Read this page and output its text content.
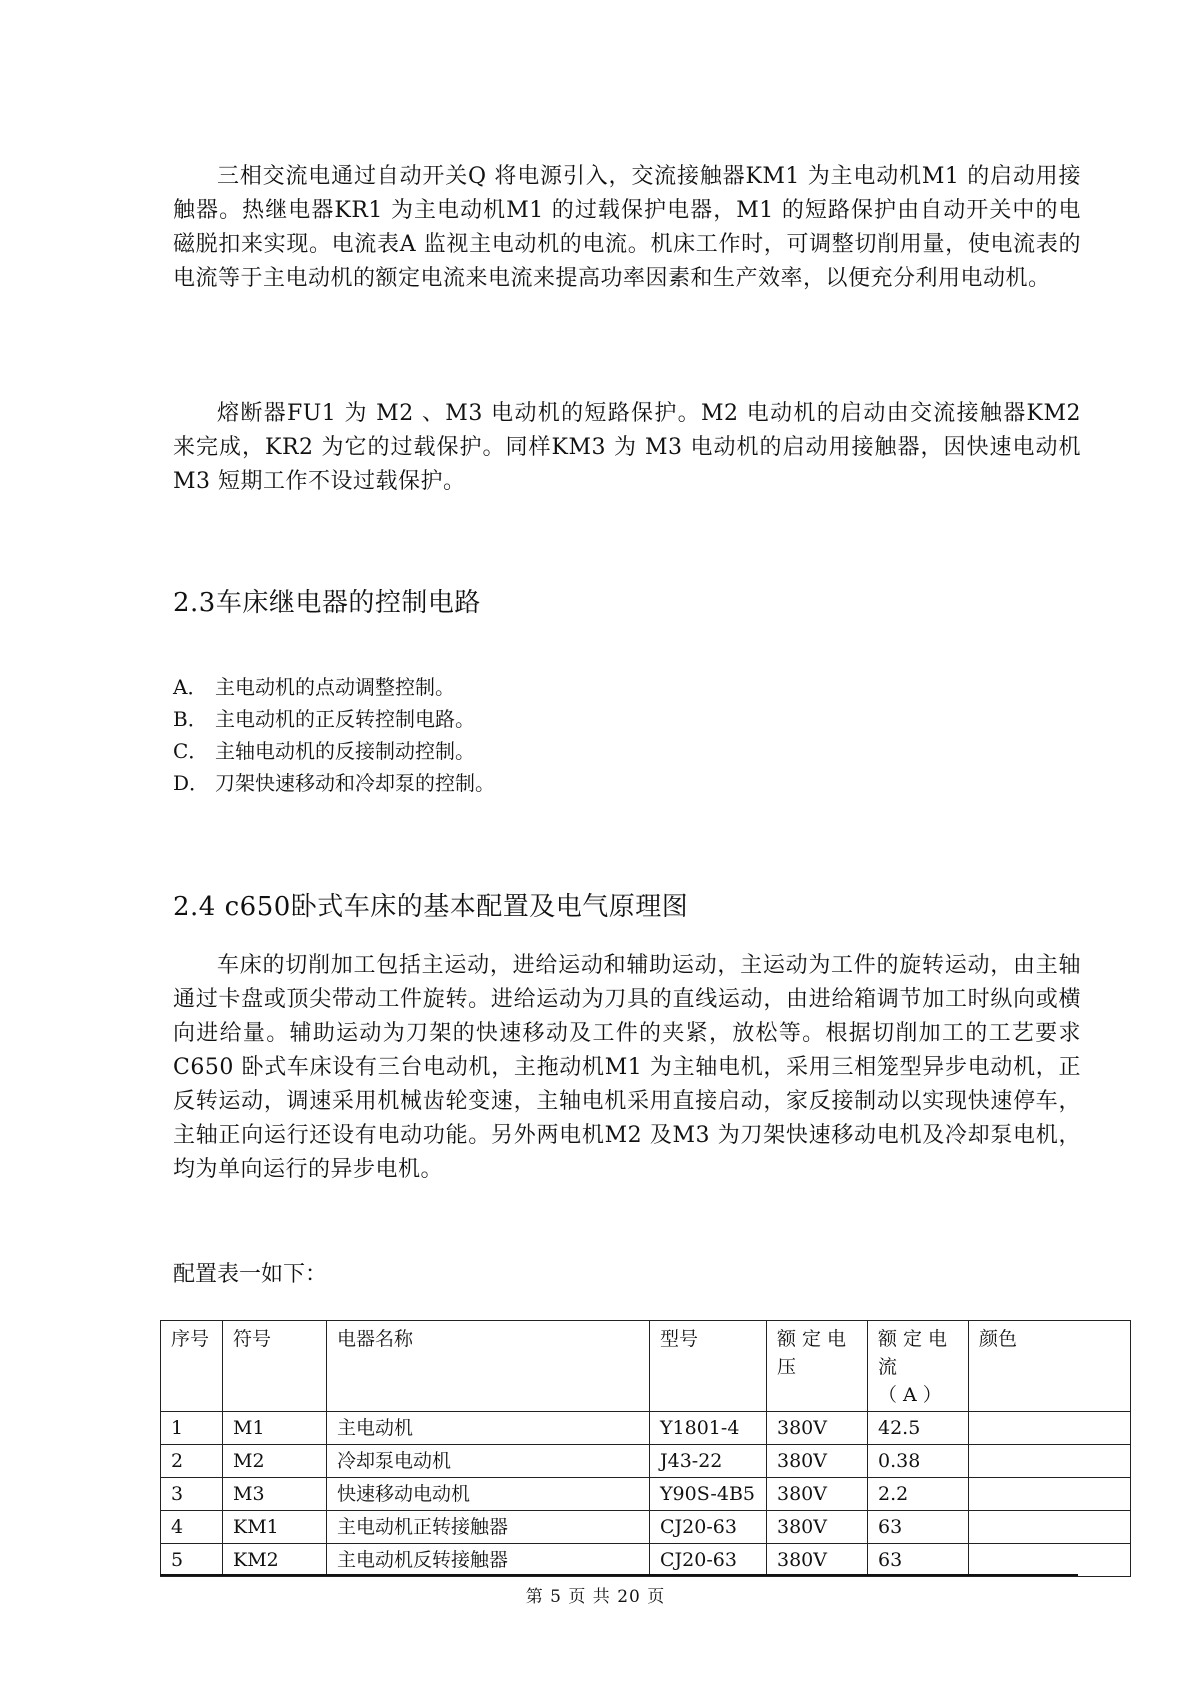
三相交流电通过自动开关Q 将电源引入，交流接触器KM1 为主电动机M1 的启动用接触器。热继电器KR1 为主电动机M1 的过载保护电器，M1 的短路保护由自动开关中的电磁脱扣来实现。电流表A 监视主电动机的电流。机床工作时，可调整切削用量，使电流表的电流等于主电动机的额定电流来电流来提高功率因素和生产效率，以便充分利用电动机。

熔断器FU1 为 M2 、M3 电动机的短路保护。M2 电动机的启动由交流接触器KM2 来完成，KR2 为它的过载保护。同样KM3 为 M3 电动机的启动用接触器，因快速电动机M3 短期工作不设过载保护。

2.3车床继电器的控制电路
A． 主电动机的点动调整控制。
B． 主电动机的正反转控制电路。
C． 主轴电动机的反接制动控制。
D． 刀架快速移动和冷却泵的控制。
2.4 c650卧式车床的基本配置及电气原理图

车床的切削加工包括主运动，进给运动和辅助运动，主运动为工件的旋转运动，由主轴通过卡盘或顶尖带动工件旋转。进给运动为刀具的直线运动，由进给箱调节加工时纵向或横向进给量。辅助运动为刀架的快速移动及工件的夹紧，放松等。根据切削加工的工艺要求C650 卧式车床设有三台电动机，主拖动机M1 为主轴电机，采用三相笼型异步电动机，正反转运动，调速采用机械齿轮变速，主轴电机采用直接启动，家反接制动以实现快速停车，主轴正向运行还设有电动功能。另外两电机M2 及M3 为刀架快速移动电机及冷却泵电机，均为单向运行的异步电机。

配置表一如下：

序号	符号	电器名称	型号	额定电压	额定电流（A）	颜色
1	M1	主电动机	Y1801-4	380V	42.5	
2	M2	冷却泵电动机	J43-22	380V	0.38	
3	M3	快速移动电动机	Y90S-4B5	380V	2.2	
4	KM1	主电动机正转接触器	CJ20-63	380V	63	
5	KM2	主电动机反转接触器	CJ20-63	380V	63	
第 5 页 共 20 页
